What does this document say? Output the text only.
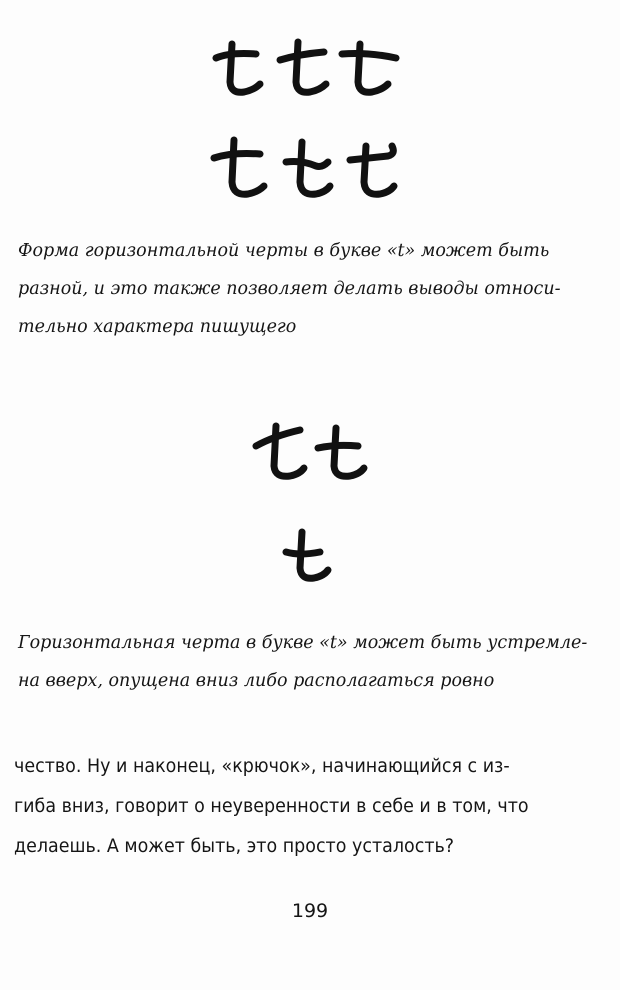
Форма горизонтальной черты в букве «t» может быть
разной, и это также позволяет делать выводы относи-
тельно характера пишущего

Горизонтальная черта в букве «t» может быть устремле-
на вверх, опущена вниз либо располагаться ровно

чество. Ну и наконец, «крючок», начинающийся с из-
гиба вниз, говорит о неуверенности в себе и в том, что
делаешь. А может быть, это просто усталость?

199
